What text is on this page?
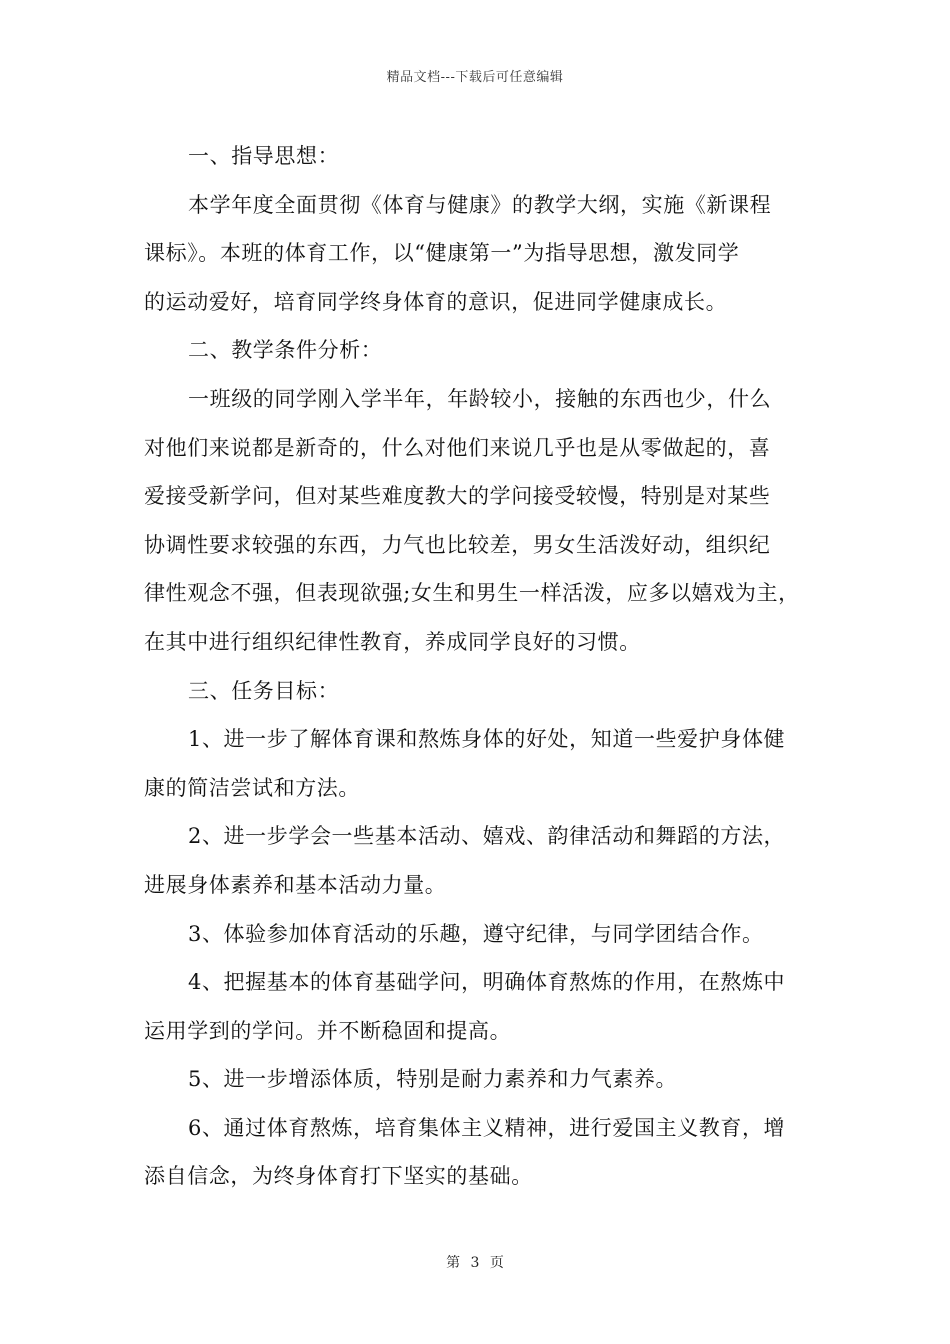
精品文档---下载后可任意编辑
一、指导思想：
本学年度全面贯彻《体育与健康》的教学大纲，实施《新课程
课标》。本班的体育工作，以“健康第一”为指导思想，激发同学
的运动爱好，培育同学终身体育的意识，促进同学健康成长。
二、教学条件分析：
一班级的同学刚入学半年，年龄较小，接触的东西也少，什么
对他们来说都是新奇的，什么对他们来说几乎也是从零做起的，喜
爱接受新学问，但对某些难度教大的学问接受较慢，特别是对某些
协调性要求较强的东西，力气也比较差，男女生活泼好动，组织纪
律性观念不强，但表现欲强;女生和男生一样活泼，应多以嬉戏为主，
在其中进行组织纪律性教育，养成同学良好的习惯。
三、任务目标：
1、进一步了解体育课和熬炼身体的好处，知道一些爱护身体健
康的简洁尝试和方法。
2、进一步学会一些基本活动、嬉戏、韵律活动和舞蹈的方法，
进展身体素养和基本活动力量。
3、体验参加体育活动的乐趣，遵守纪律，与同学团结合作。
4、把握基本的体育基础学问，明确体育熬炼的作用，在熬炼中
运用学到的学问。并不断稳固和提高。
5、进一步增添体质，特别是耐力素养和力气素养。
6、通过体育熬炼，培育集体主义精神，进行爱国主义教育，增
添自信念，为终身体育打下坚实的基础。
第 3 页
